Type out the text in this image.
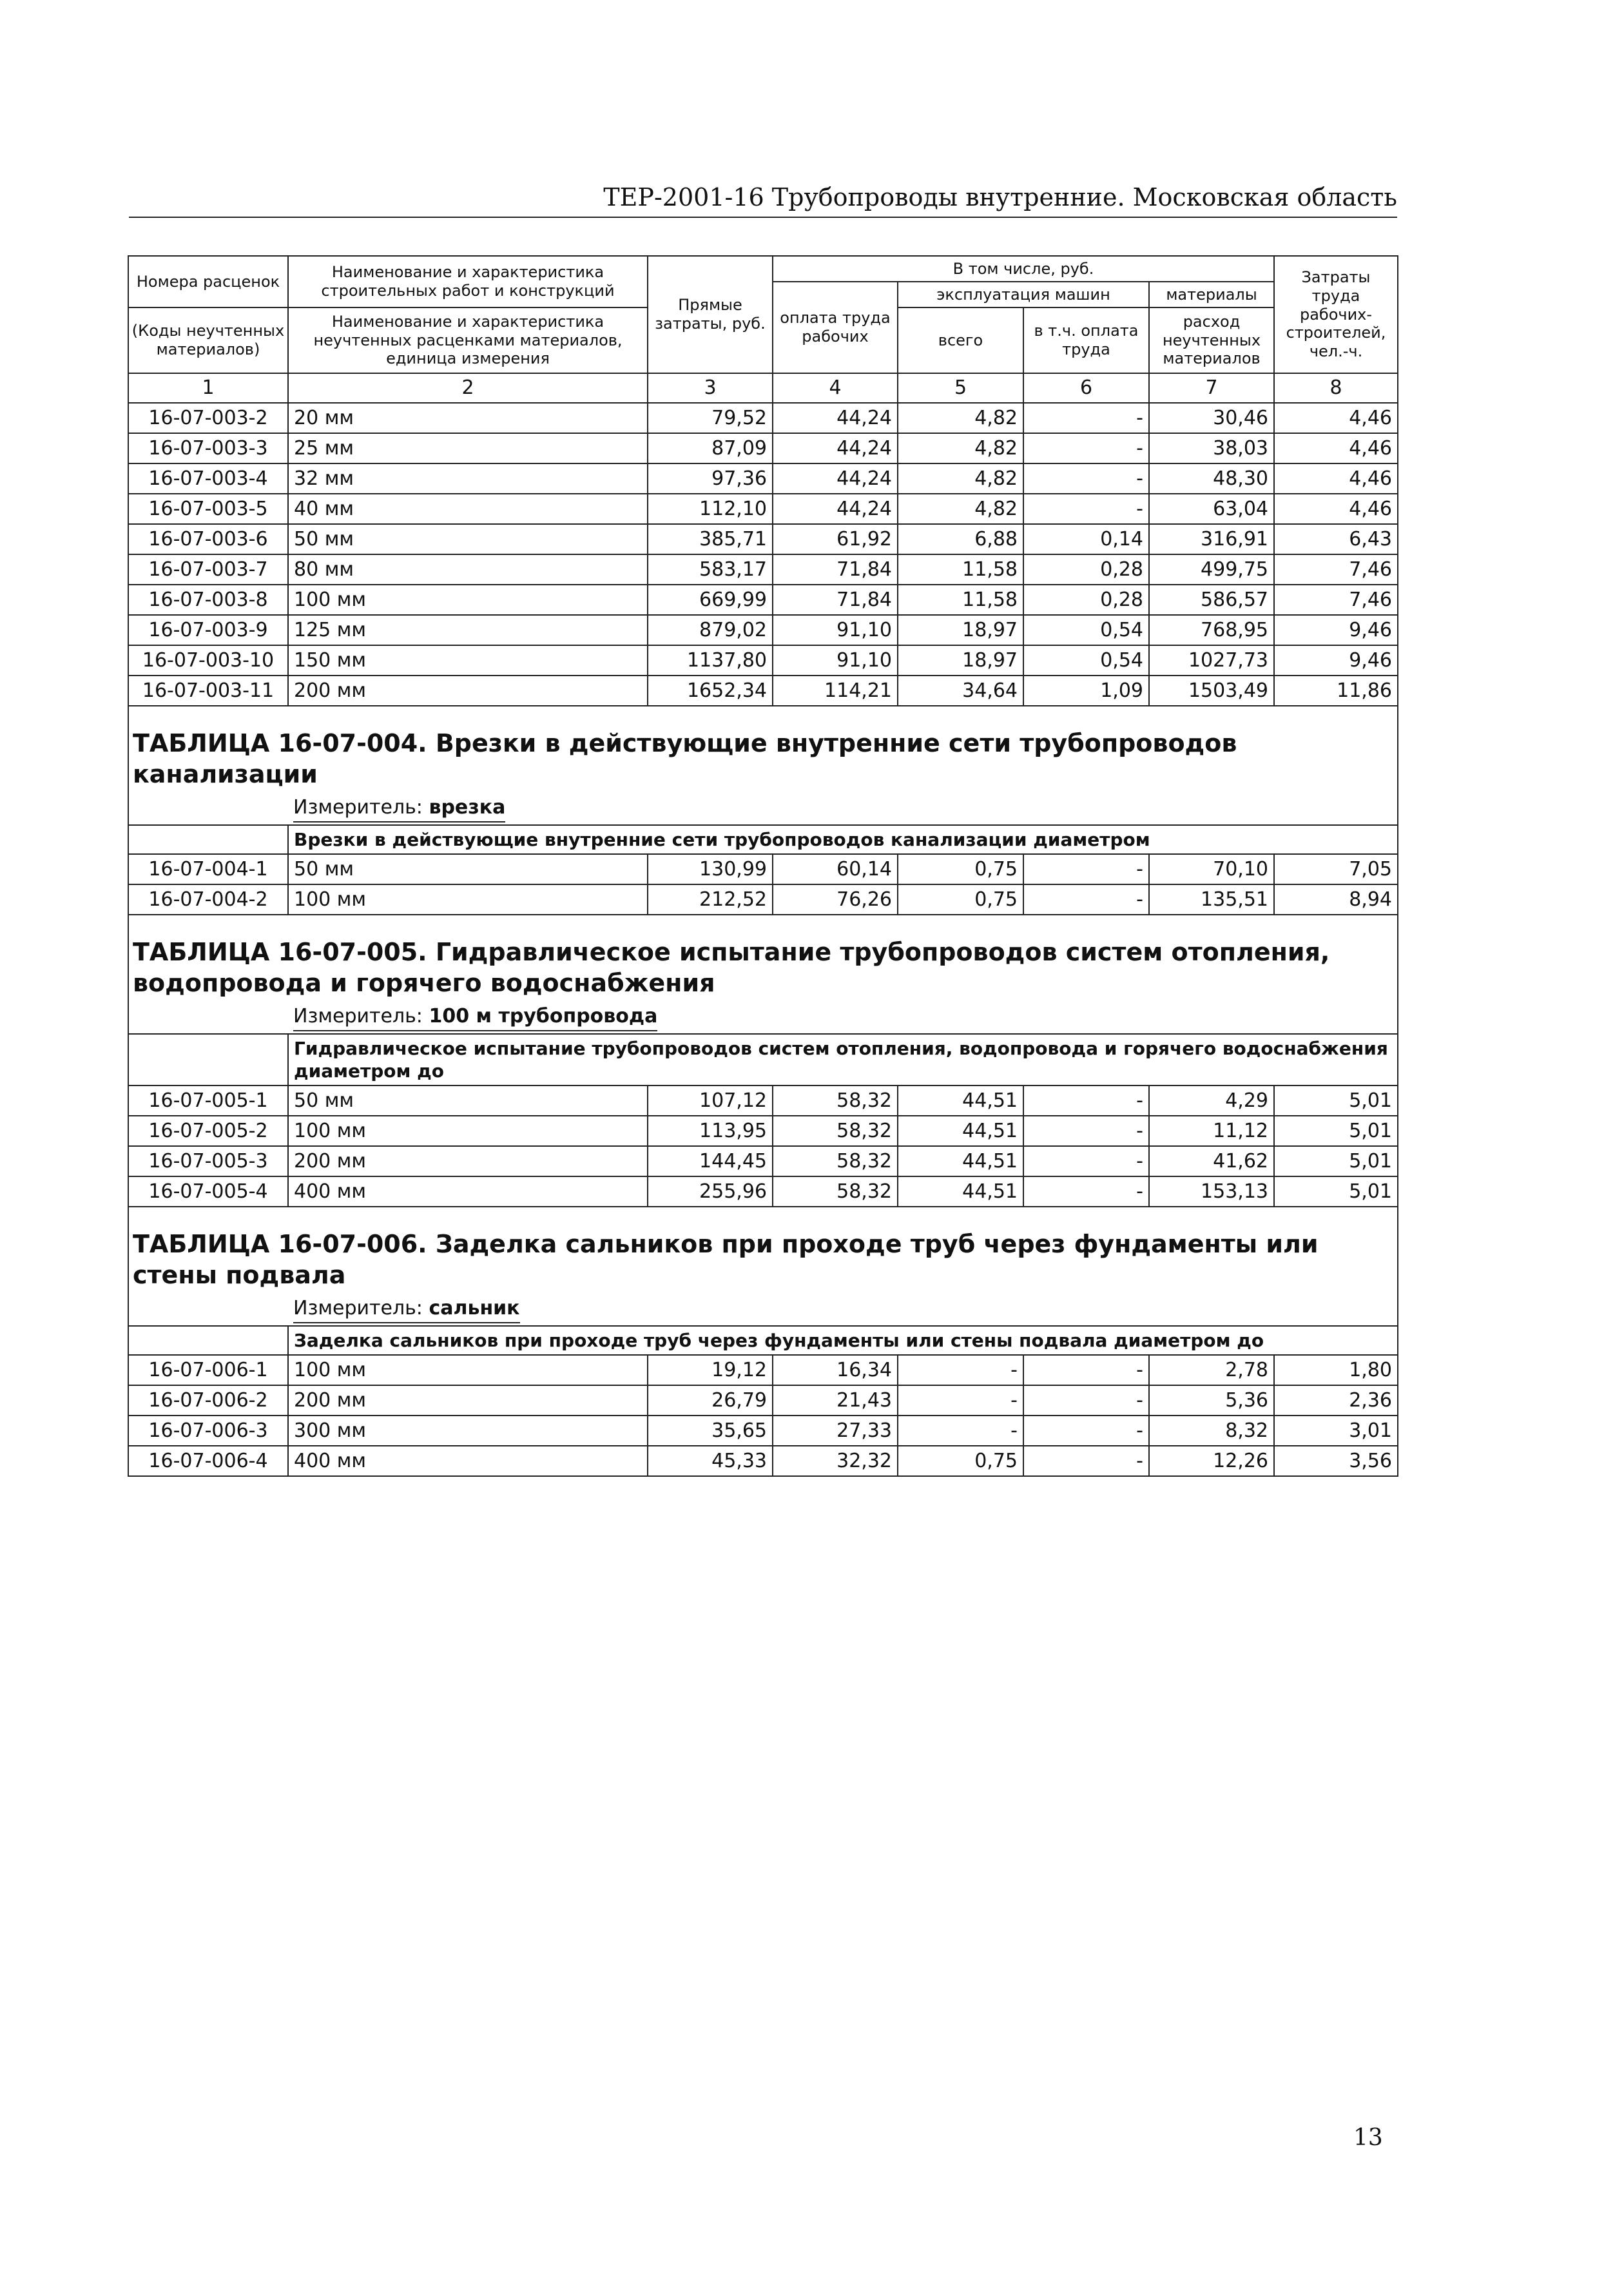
ТЕР-2001-16 Трубопроводы внутренние. Московская область
Номера расценок	Наименование и характеристика строительных работ и конструкций	Прямые затраты, руб.	В том числе, руб.				Затраты труда рабочих-строителей, чел.-ч.
			оплата труда рабочих	эксплуатация машин		материалы	
(Коды неучтенных материалов)	Наименование и характеристика неучтенных расценками материалов, единица измерения			всего	в т.ч. оплата труда	расход неучтенных материалов	

1	2	3	4	5	6	7	8
16-07-003-2	20 мм	79,52	44,24	4,82	-	30,46	4,46
16-07-003-3	25 мм	87,09	44,24	4,82	-	38,03	4,46
16-07-003-4	32 мм	97,36	44,24	4,82	-	48,30	4,46
16-07-003-5	40 мм	112,10	44,24	4,82	-	63,04	4,46
16-07-003-6	50 мм	385,71	61,92	6,88	0,14	316,91	6,43
16-07-003-7	80 мм	583,17	71,84	11,58	0,28	499,75	7,46
16-07-003-8	100 мм	669,99	71,84	11,58	0,28	586,57	7,46
16-07-003-9	125 мм	879,02	91,10	18,97	0,54	768,95	9,46
16-07-003-10	150 мм	1137,80	91,10	18,97	0,54	1027,73	9,46
16-07-003-11	200 мм	1652,34	114,21	34,64	1,09	1503,49	11,86
ТАБЛИЦА 16-07-004. Врезки в действующие внутренние сети трубопроводов канализации							
	Измеритель: врезка						
	Врезки в действующие внутренние сети трубопроводов канализации диаметром						
16-07-004-1	50 мм	130,99	60,14	0,75	-	70,10	7,05
16-07-004-2	100 мм	212,52	76,26	0,75	-	135,51	8,94
ТАБЛИЦА 16-07-005. Гидравлическое испытание трубопроводов систем отопления, водопровода и горячего водоснабжения							
	Измеритель: 100 м трубопровода						
	Гидравлическое испытание трубопроводов систем отопления, водопровода и горячего водоснабжения диаметром до						
16-07-005-1	50 мм	107,12	58,32	44,51	-	4,29	5,01
16-07-005-2	100 мм	113,95	58,32	44,51	-	11,12	5,01
16-07-005-3	200 мм	144,45	58,32	44,51	-	41,62	5,01
16-07-005-4	400 мм	255,96	58,32	44,51	-	153,13	5,01
ТАБЛИЦА 16-07-006. Заделка сальников при проходе труб через фундаменты или стены подвала							
	Измеритель: сальник						
	Заделка сальников при проходе труб через фундаменты или стены подвала диаметром до						
16-07-006-1	100 мм	19,12	16,34	-	-	2,78	1,80
16-07-006-2	200 мм	26,79	21,43	-	-	5,36	2,36
16-07-006-3	300 мм	35,65	27,33	-	-	8,32	3,01
16-07-006-4	400 мм	45,33	32,32	0,75	-	12,26	3,56
13
